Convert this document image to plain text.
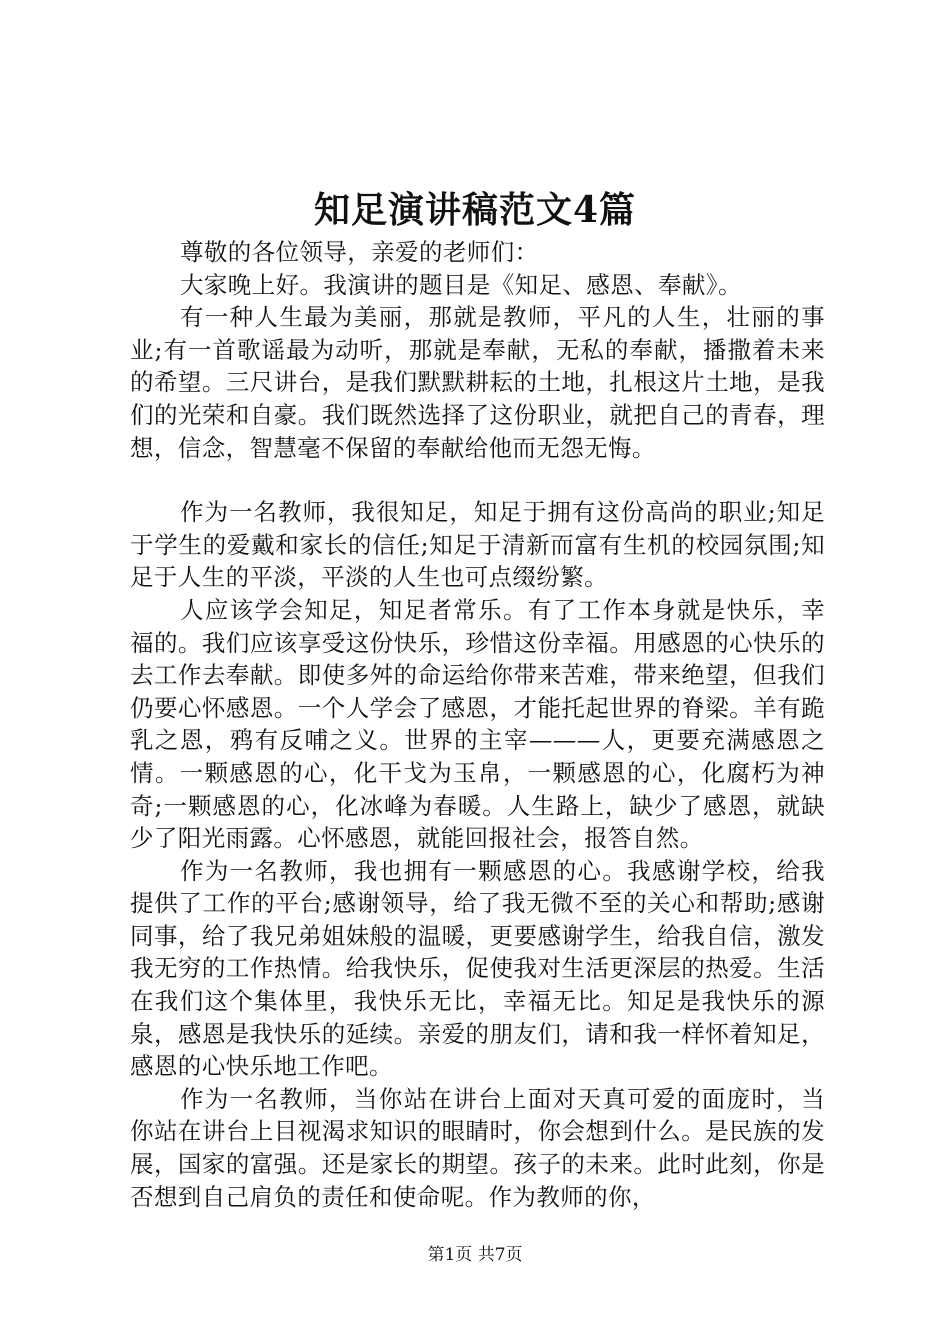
知足演讲稿范文4篇

尊敬的各位领导，亲爱的老师们：

大家晚上好。我演讲的题目是《知足、感恩、奉献》。

有一种人生最为美丽，那就是教师，平凡的人生，壮丽的事业;有一首歌谣最为动听，那就是奉献，无私的奉献，播撒着未来的希望。三尺讲台，是我们默默耕耘的土地，扎根这片土地，是我们的光荣和自豪。我们既然选择了这份职业，就把自己的青春，理想，信念，智慧毫不保留的奉献给他而无怨无悔。

作为一名教师，我很知足，知足于拥有这份高尚的职业;知足于学生的爱戴和家长的信任;知足于清新而富有生机的校园氛围;知足于人生的平淡，平淡的人生也可点缀纷繁。

人应该学会知足，知足者常乐。有了工作本身就是快乐，幸福的。我们应该享受这份快乐，珍惜这份幸福。用感恩的心快乐的去工作去奉献。即使多舛的命运给你带来苦难，带来绝望，但我们仍要心怀感恩。一个人学会了感恩，才能托起世界的脊梁。羊有跪乳之恩，鸦有反哺之义。世界的主宰———人，更要充满感恩之情。一颗感恩的心，化干戈为玉帛，一颗感恩的心，化腐朽为神奇;一颗感恩的心，化冰峰为春暖。人生路上，缺少了感恩，就缺少了阳光雨露。心怀感恩，就能回报社会，报答自然。

作为一名教师，我也拥有一颗感恩的心。我感谢学校，给我提供了工作的平台;感谢领导，给了我无微不至的关心和帮助;感谢同事，给了我兄弟姐妹般的温暖，更要感谢学生，给我自信，激发我无穷的工作热情。给我快乐，促使我对生活更深层的热爱。生活在我们这个集体里，我快乐无比，幸福无比。知足是我快乐的源泉，感恩是我快乐的延续。亲爱的朋友们，请和我一样怀着知足，感恩的心快乐地工作吧。

作为一名教师，当你站在讲台上面对天真可爱的面庞时，当你站在讲台上目视渴求知识的眼睛时，你会想到什么。是民族的发展，国家的富强。还是家长的期望。孩子的未来。此时此刻，你是否想到自己肩负的责任和使命呢。作为教师的你，

第1页 共7页
